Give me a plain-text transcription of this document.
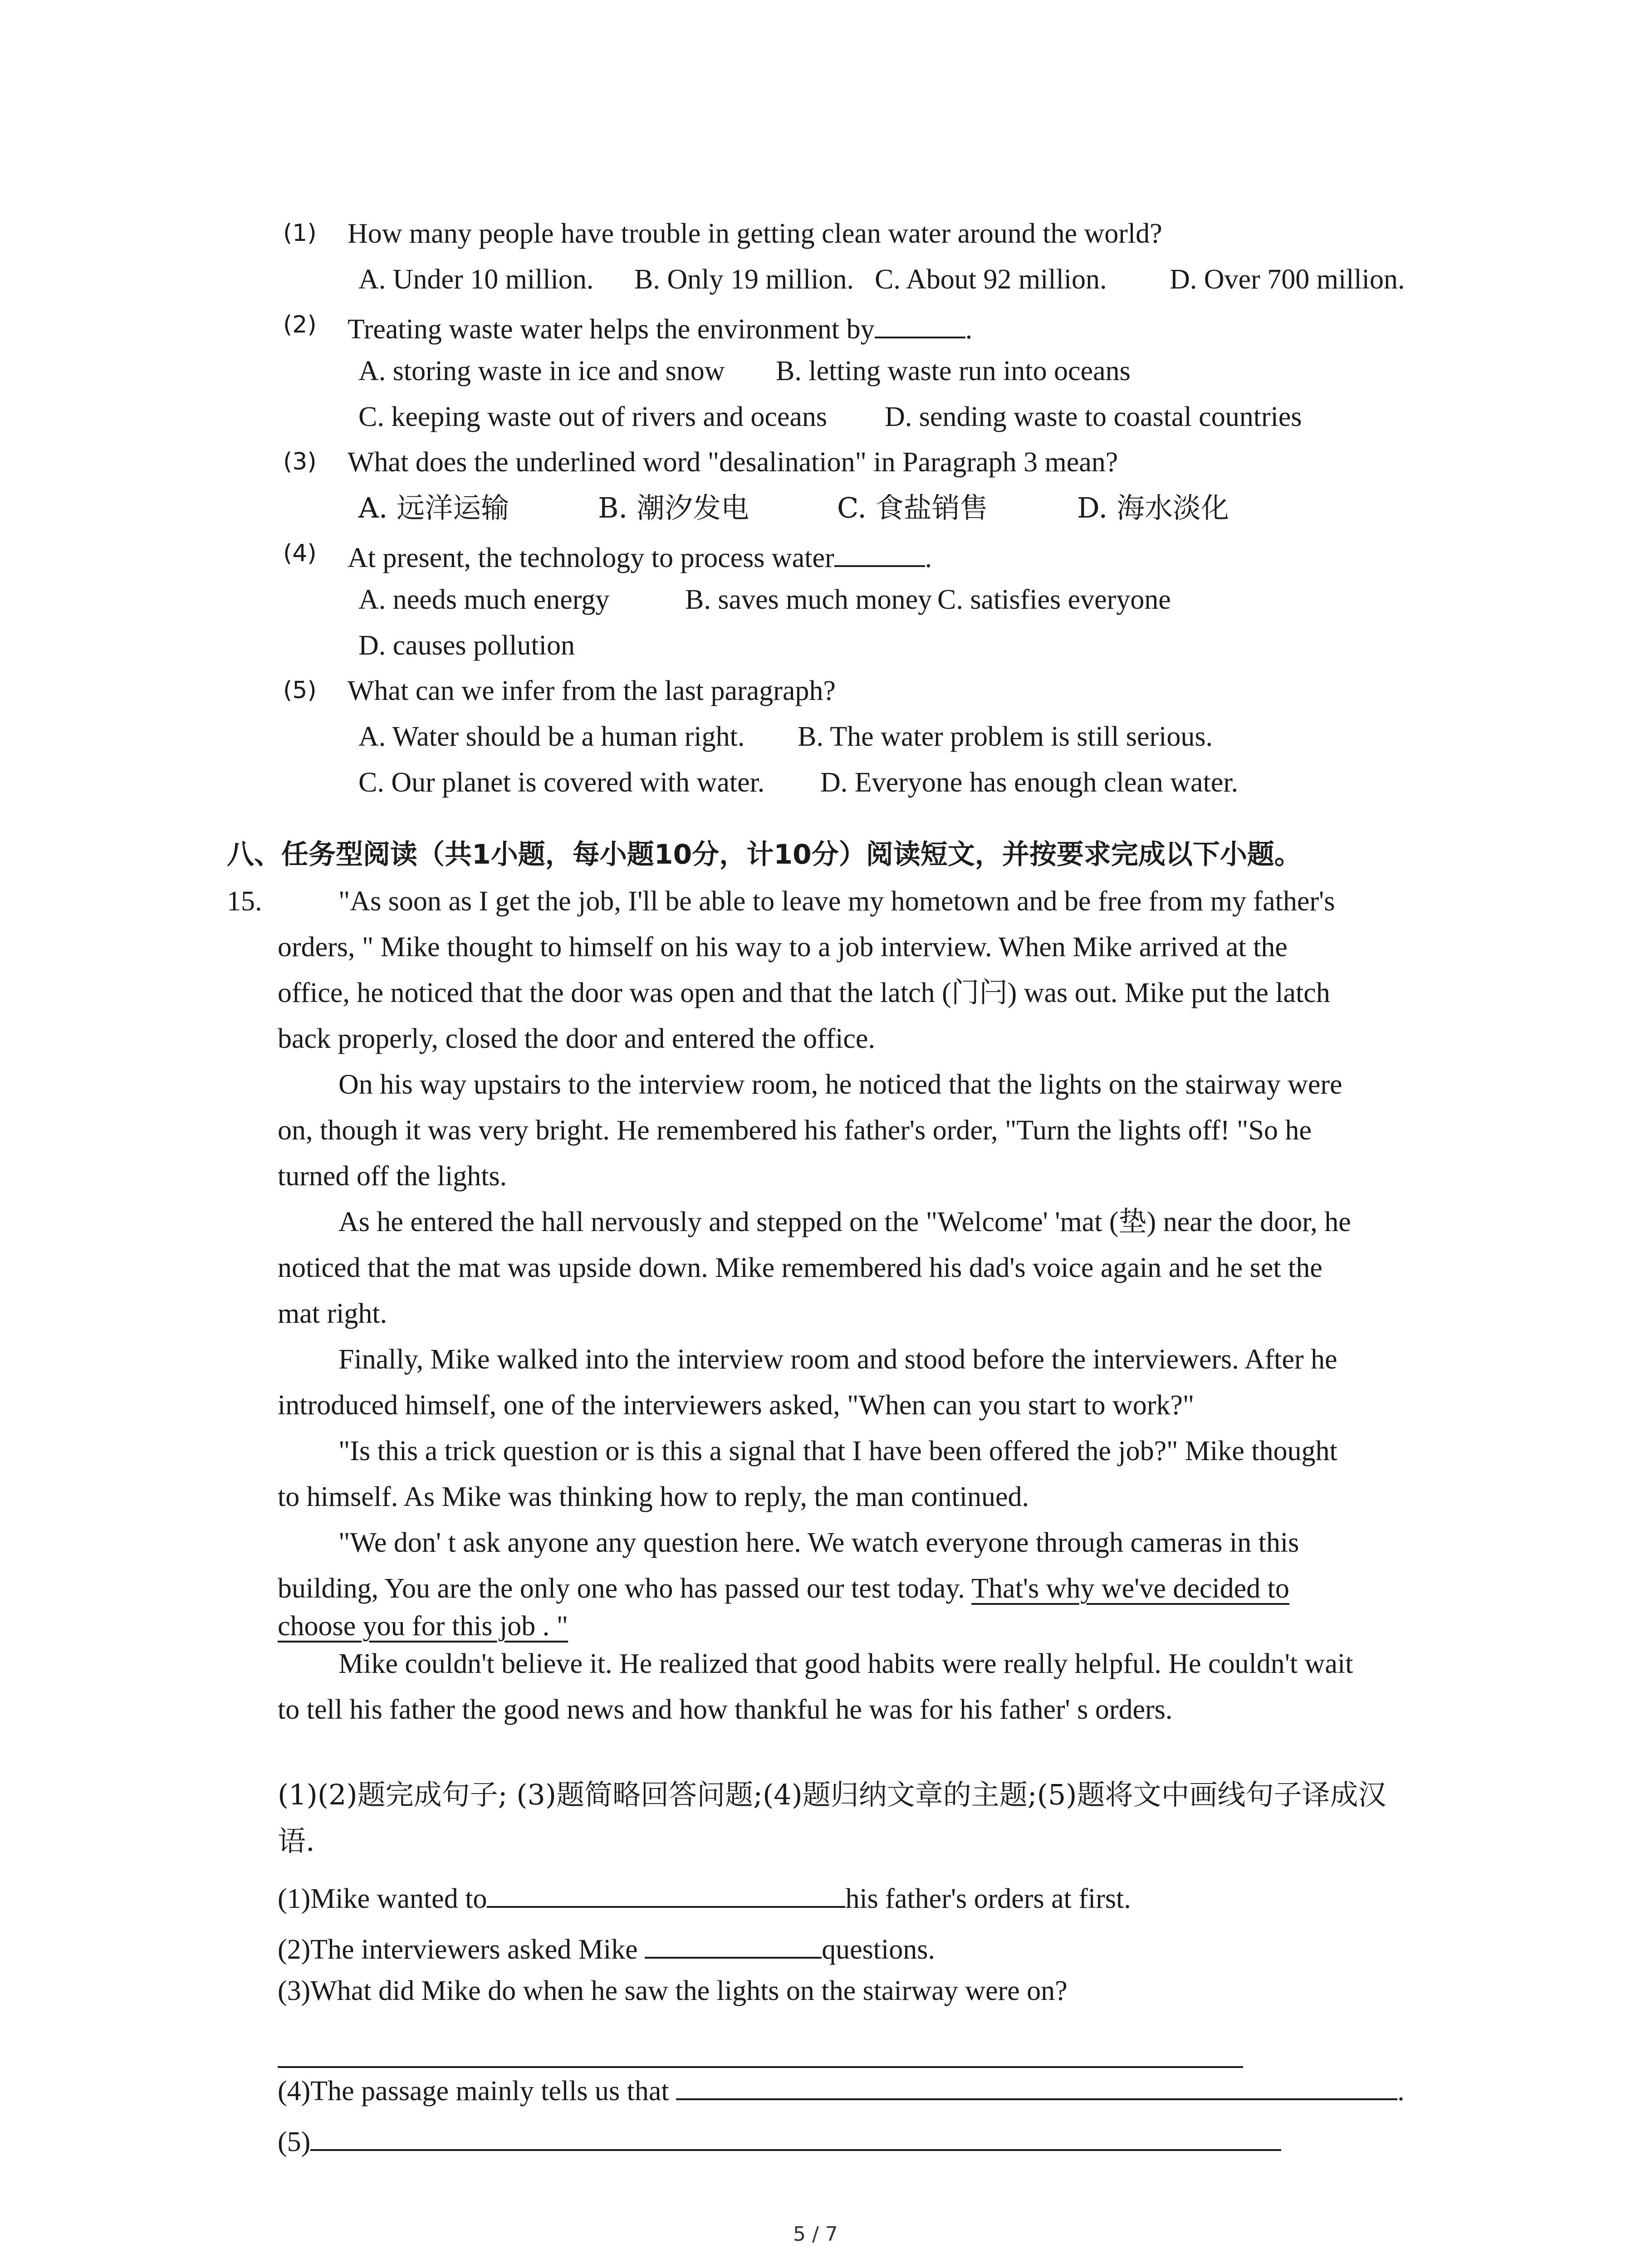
(1) How many people have trouble in getting clean water around the world?
A. Under 10 million. B. Only 19 million. C. About 92 million. D. Over 700 million.
(2) Treating waste water helps the environment by	.
A. storing waste in ice and snow B. letting waste run into oceans
C. keeping waste out of rivers and oceans D. sending waste to coastal countries
(3) What does the underlined word "desalination" in Paragraph 3 mean?
A. 远洋运输	B. 潮汐发电	C. 食盐销售	D. 海水淡化
(4) At present, the technology to process water	.
A. needs much energy	B. saves much money C. satisfies everyone
D. causes pollution
(5) What can we infer from the last paragraph?
A. Water should be a human right. B. The water problem is still serious.
C. Our planet is covered with water. D. Everyone has enough clean water.
八、任务型阅读（共1小题，每小题10分，计10分）阅读短文，并按要求完成以下小题。
15.	"As soon as I get the job, I'll be able to leave my hometown and be free from my father's
orders, " Mike thought to himself on his way to a job interview. When Mike arrived at the
office, he noticed that the door was open and that the latch (门闩) was out. Mike put the latch
back properly, closed the door and entered the office.
On his way upstairs to the interview room, he noticed that the lights on the stairway were
on, though it was very bright. He remembered his father's order, "Turn the lights off! "So he
turned off the lights.
As he entered the hall nervously and stepped on the "Welcome' 'mat (垫) near the door, he
noticed that the mat was upside down. Mike remembered his dad's voice again and he set the
mat right.
Finally, Mike walked into the interview room and stood before the interviewers. After he
introduced himself, one of the interviewers asked, "When can you start to work?"
"Is this a trick question or is this a signal that I have been offered the job?" Mike thought
to himself. As Mike was thinking how to reply, the man continued.
"We don' t ask anyone any question here. We watch everyone through cameras in this
building, You are the only one who has passed our test today. That's why we've decided to
choose you for this job . "
Mike couldn't believe it. He realized that good habits were really helpful. He couldn't wait
to tell his father the good news and how thankful he was for his father' s orders.
(1)(2)题完成句子; (3)题简略回答问题;(4)题归纳文章的主题;(5)题将文中画线句子译成汉
语.
(1)Mike wanted to	his father's orders at first.
(2)The interviewers asked Mike	questions.
(3)What did Mike do when he saw the lights on the stairway were on?
(4)The passage mainly tells us that	.
(5)
5 / 7
